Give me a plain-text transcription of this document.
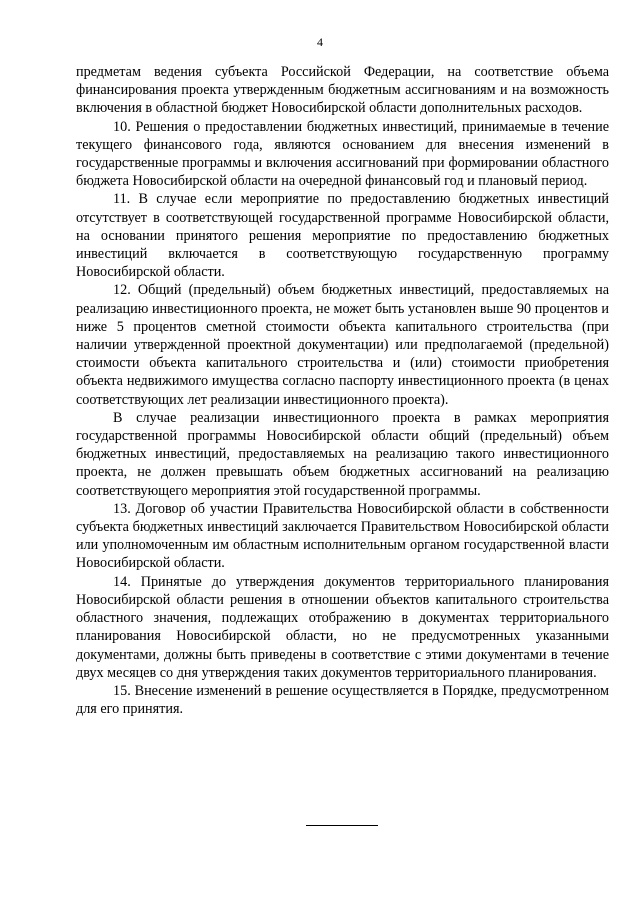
4

предметам ведения субъекта Российской Федерации, на соответствие объема финансирования проекта утвержденным бюджетным ассигнованиям и на возможность включения в областной бюджет Новосибирской области дополнительных расходов.

10. Решения о предоставлении бюджетных инвестиций, принимаемые в течение текущего финансового года, являются основанием для внесения изменений в государственные программы и включения ассигнований при формировании областного бюджета Новосибирской области на очередной финансовый год и плановый период.

11. В случае если мероприятие по предоставлению бюджетных инвестиций отсутствует в соответствующей государственной программе Новосибирской области, на основании принятого решения мероприятие по предоставлению бюджетных инвестиций включается в соответствующую государственную программу Новосибирской области.

12. Общий (предельный) объем бюджетных инвестиций, предоставляемых на реализацию инвестиционного проекта, не может быть установлен выше 90 процентов и ниже 5 процентов сметной стоимости объекта капитального строительства (при наличии утвержденной проектной документации) или предполагаемой (предельной) стоимости объекта капитального строительства и (или) стоимости приобретения объекта недвижимого имущества согласно паспорту инвестиционного проекта (в ценах соответствующих лет реализации инвестиционного проекта).

В случае реализации инвестиционного проекта в рамках мероприятия государственной программы Новосибирской области общий (предельный) объем бюджетных инвестиций, предоставляемых на реализацию такого инвестиционного проекта, не должен превышать объем бюджетных ассигнований на реализацию соответствующего мероприятия этой государственной программы.

13. Договор об участии Правительства Новосибирской области в собственности субъекта бюджетных инвестиций заключается Правительством Новосибирской области или уполномоченным им областным исполнительным органом государственной власти Новосибирской области.

14. Принятые до утверждения документов территориального планирования Новосибирской области решения в отношении объектов капитального строительства областного значения, подлежащих отображению в документах территориального планирования Новосибирской области, но не предусмотренных указанными документами, должны быть приведены в соответствие с этими документами в течение двух месяцев со дня утверждения таких документов территориального планирования.

15. Внесение изменений в решение осуществляется в Порядке, предусмотренном для его принятия.
